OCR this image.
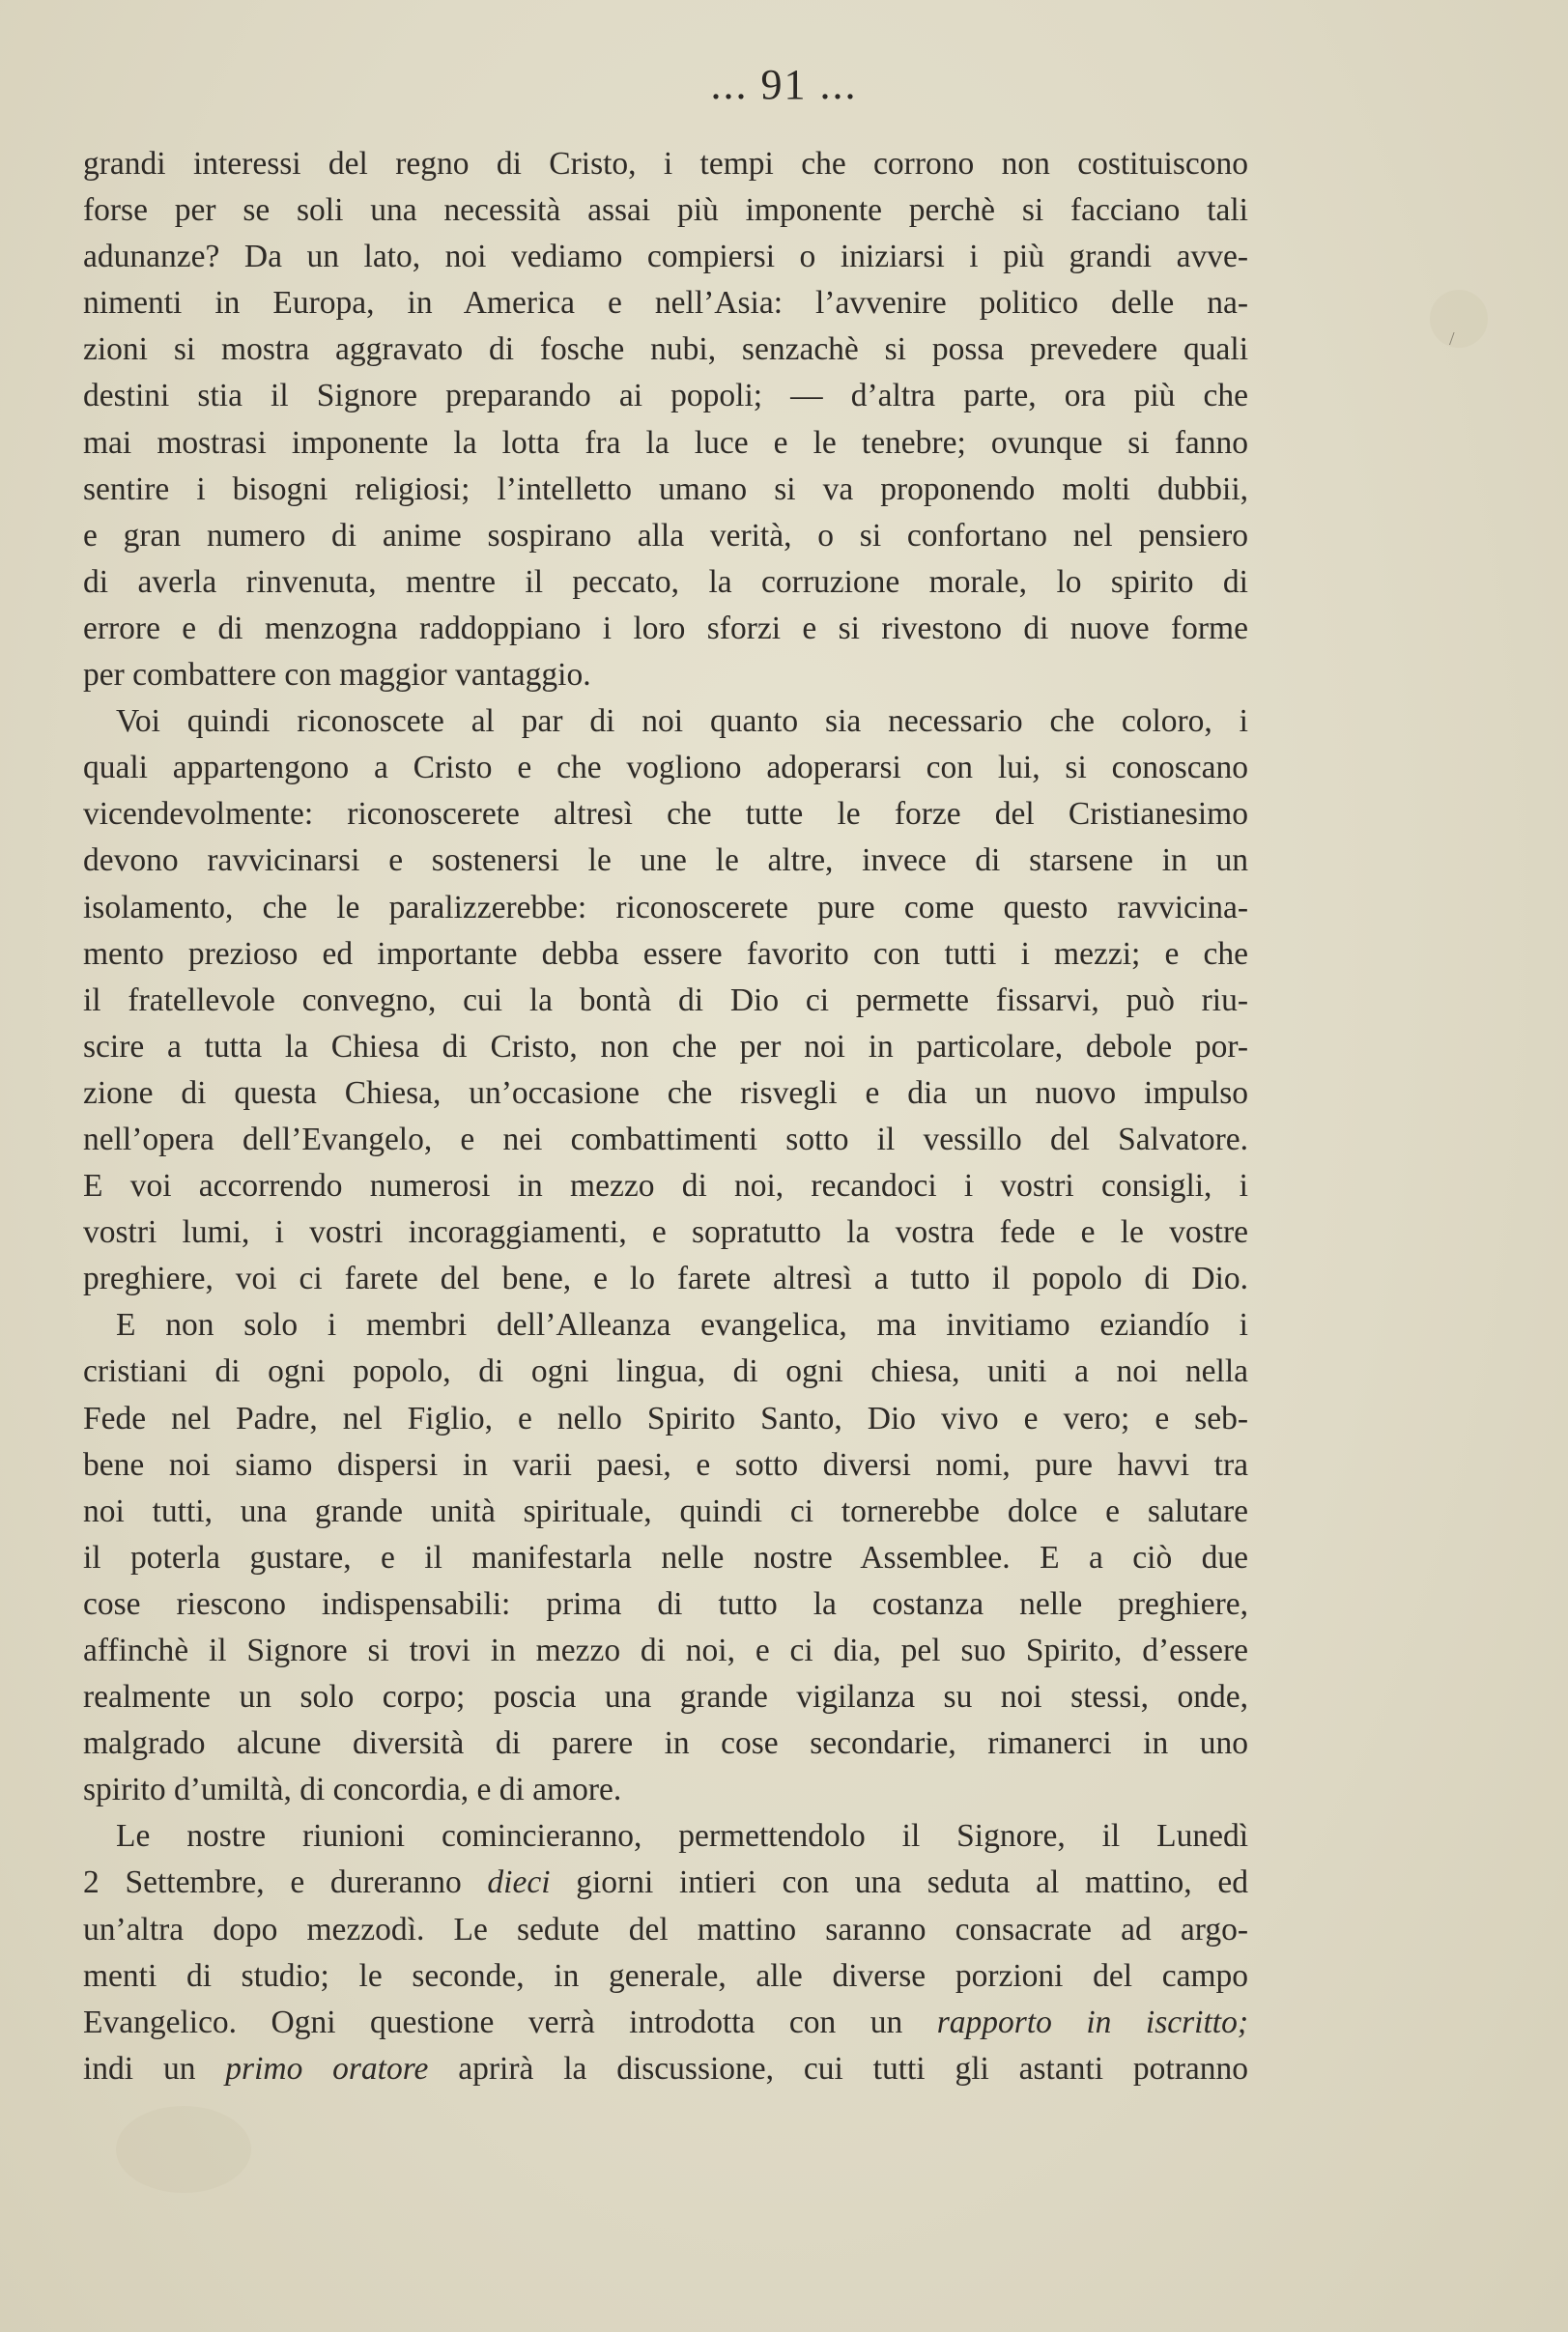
/
... 91 ...
grandi interessi del regno di Cristo, i tempi che corrono non costituiscono
forse per se soli una necessità assai più imponente perchè si facciano tali
adunanze? Da un lato, noi vediamo compiersi o iniziarsi i più grandi avve-
nimenti in Europa, in America e nell’Asia: l’avvenire politico delle na-
zioni si mostra aggravato di fosche nubi, senzachè si possa prevedere quali
destini stia il Signore preparando ai popoli; — d’altra parte, ora più che
mai mostrasi imponente la lotta fra la luce e le tenebre; ovunque si fanno
sentire i bisogni religiosi; l’intelletto umano si va proponendo molti dubbii,
e gran numero di anime sospirano alla verità, o si confortano nel pensiero
di averla rinvenuta, mentre il peccato, la corruzione morale, lo spirito di
errore e di menzogna raddoppiano i loro sforzi e si rivestono di nuove forme
per combattere con maggior vantaggio.
Voi quindi riconoscete al par di noi quanto sia necessario che coloro, i
quali appartengono a Cristo e che vogliono adoperarsi con lui, si conoscano
vicendevolmente: riconoscerete altresì che tutte le forze del Cristianesimo
devono ravvicinarsi e sostenersi le une le altre, invece di starsene in un
isolamento, che le paralizzerebbe: riconoscerete pure come questo ravvicina-
mento prezioso ed importante debba essere favorito con tutti i mezzi; e che
il fratellevole convegno, cui la bontà di Dio ci permette fissarvi, può riu-
scire a tutta la Chiesa di Cristo, non che per noi in particolare, debole por-
zione di questa Chiesa, un’occasione che risvegli e dia un nuovo impulso
nell’opera dell’Evangelo, e nei combattimenti sotto il vessillo del Salvatore.
E voi accorrendo numerosi in mezzo di noi, recandoci i vostri consigli, i
vostri lumi, i vostri incoraggiamenti, e sopratutto la vostra fede e le vostre
preghiere, voi ci farete del bene, e lo farete altresì a tutto il popolo di Dio.
E non solo i membri dell’Alleanza evangelica, ma invitiamo eziandío i
cristiani di ogni popolo, di ogni lingua, di ogni chiesa, uniti a noi nella
Fede nel Padre, nel Figlio, e nello Spirito Santo, Dio vivo e vero; e seb-
bene noi siamo dispersi in varii paesi, e sotto diversi nomi, pure havvi tra
noi tutti, una grande unità spirituale, quindi ci tornerebbe dolce e salutare
il poterla gustare, e il manifestarla nelle nostre Assemblee. E a ciò due
cose riescono indispensabili: prima di tutto la costanza nelle preghiere,
affinchè il Signore si trovi in mezzo di noi, e ci dia, pel suo Spirito, d’essere
realmente un solo corpo; poscia una grande vigilanza su noi stessi, onde,
malgrado alcune diversità di parere in cose secondarie, rimanerci in uno
spirito d’umiltà, di concordia, e di amore.
Le nostre riunioni comincieranno, permettendolo il Signore, il Lunedì
2 Settembre, e dureranno dieci giorni intieri con una seduta al mattino, ed
un’altra dopo mezzodì. Le sedute del mattino saranno consacrate ad argo-
menti di studio; le seconde, in generale, alle diverse porzioni del campo
Evangelico. Ogni questione verrà introdotta con un rapporto in iscritto;
indi un primo oratore aprirà la discussione, cui tutti gli astanti potranno
